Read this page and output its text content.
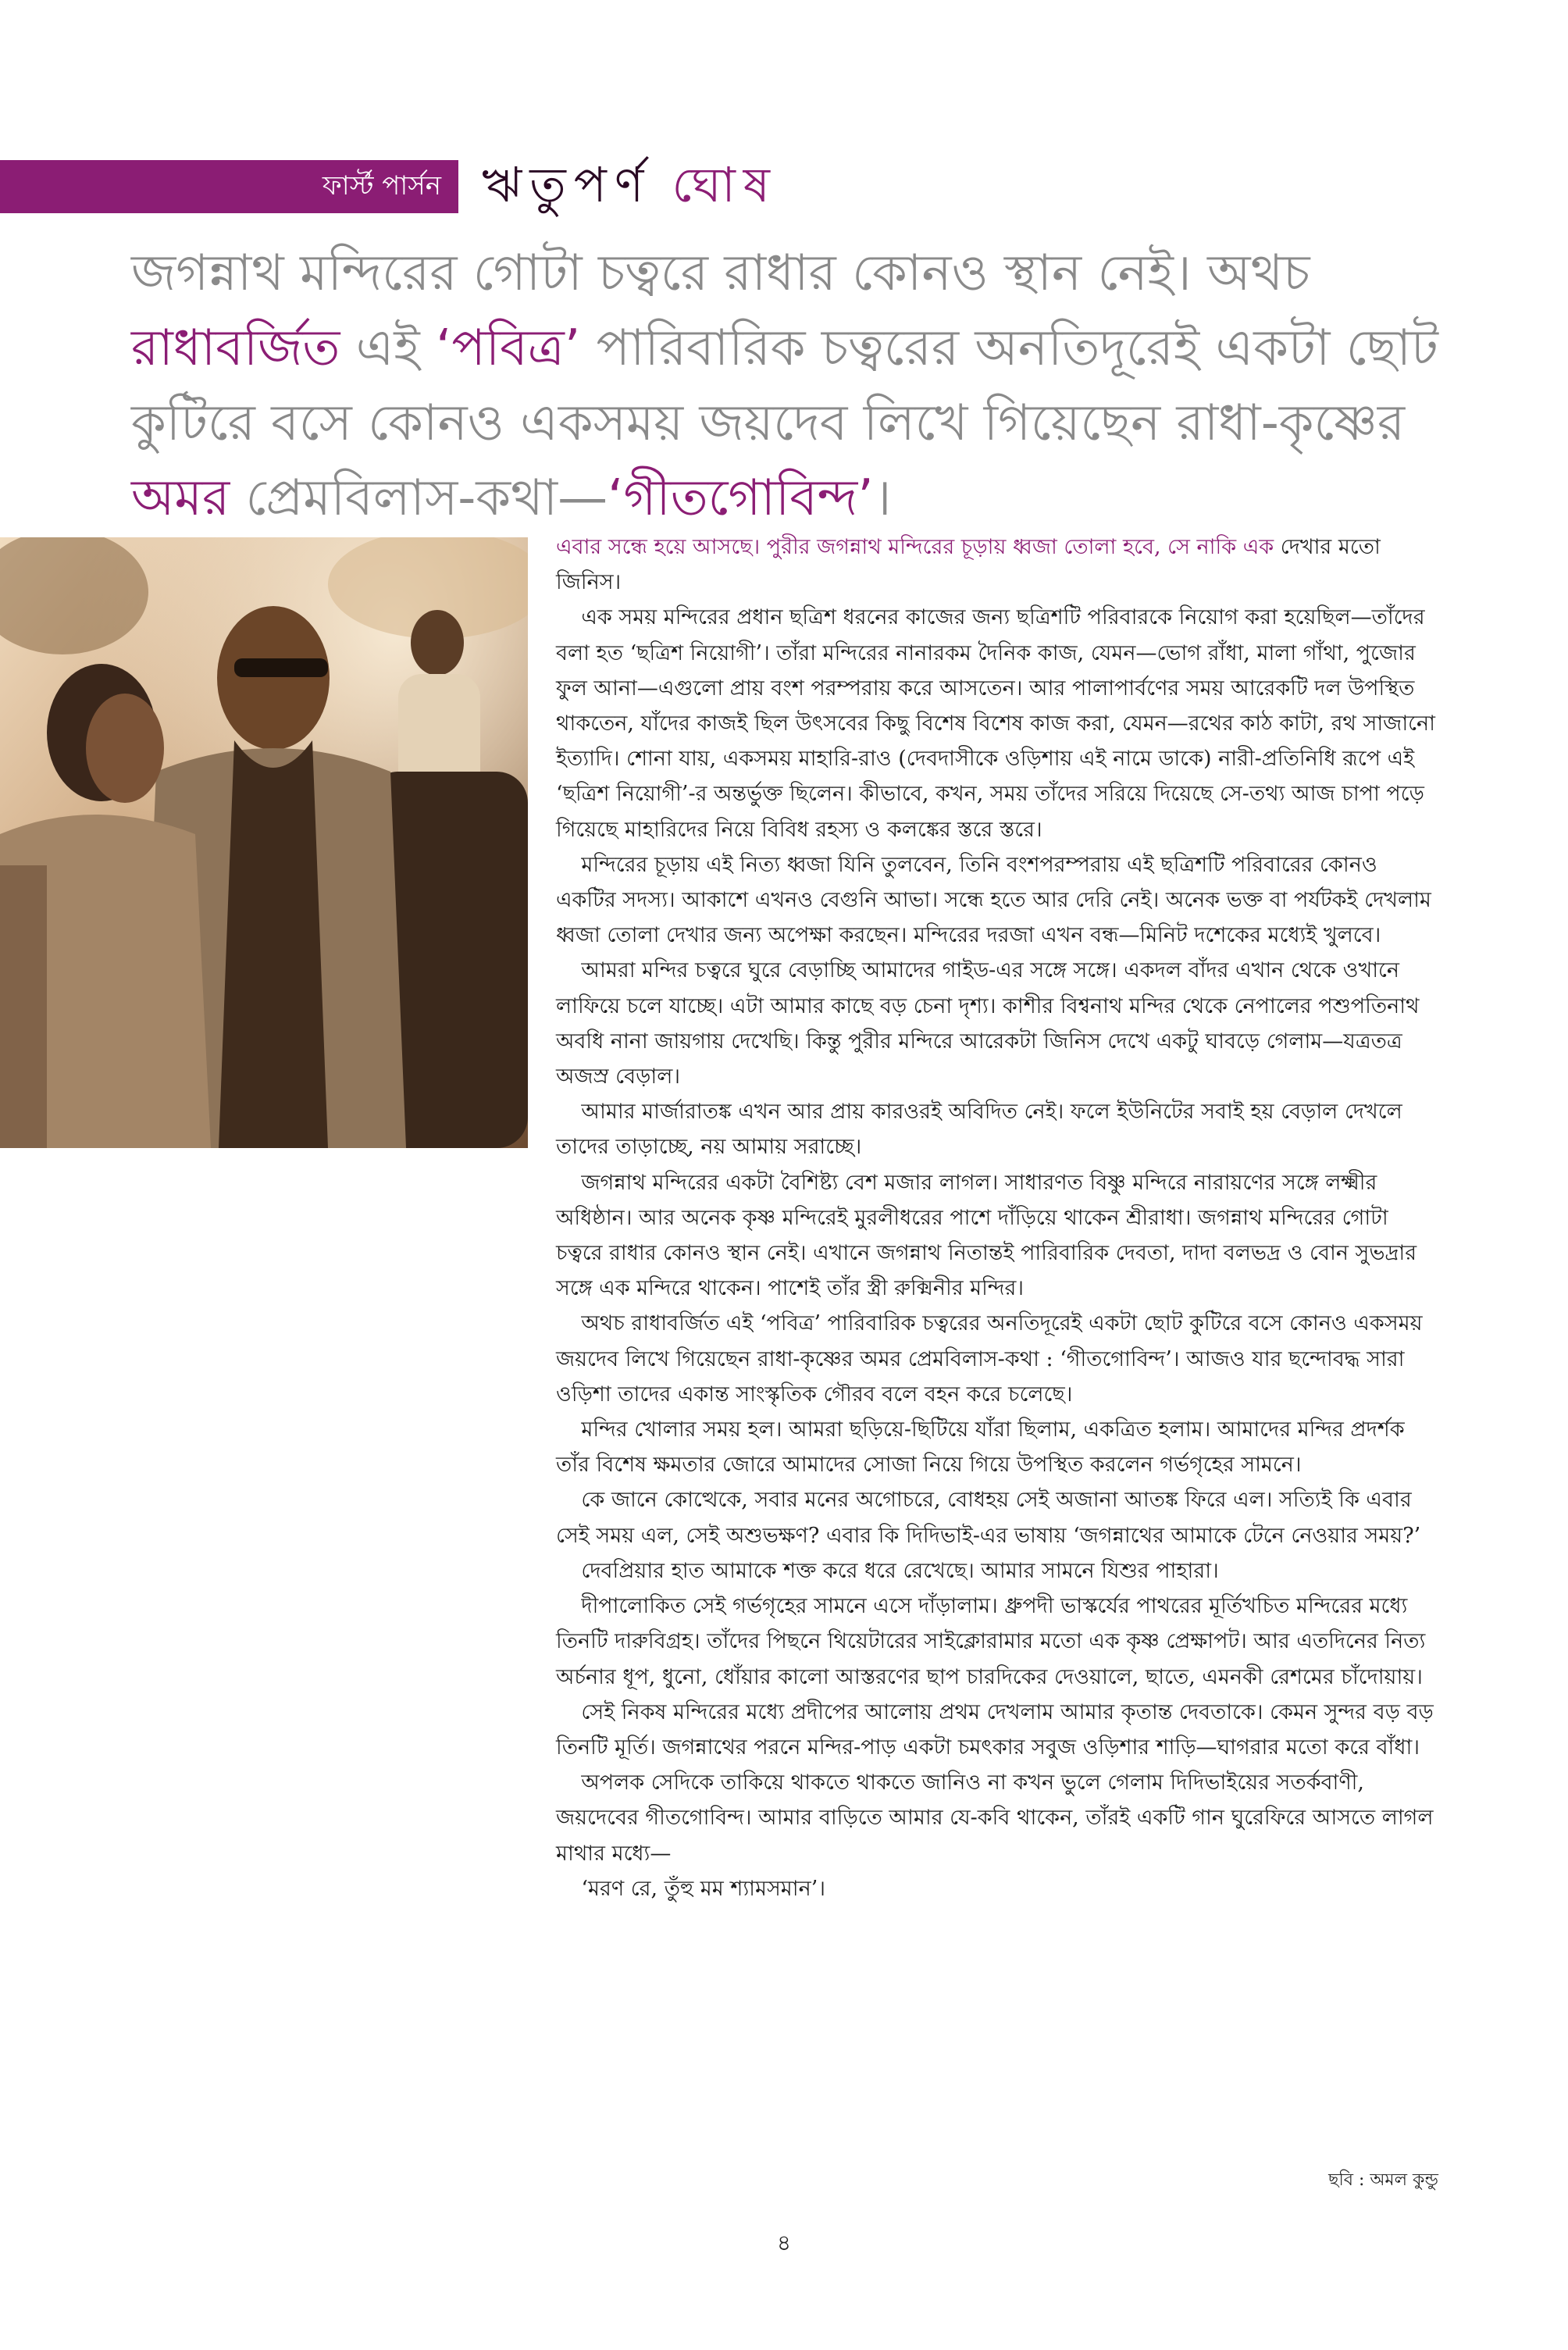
ফার্স্ট পার্সন ঋতুপর্ণ ঘোষ
জগন্নাথ মন্দিরের গোটা চত্বরে রাধার কোনও স্থান নেই। অথচ রাধাবর্জিত এই ‘পবিত্র’ পারিবারিক চত্বরের অনতিদূরেই একটা ছোট কুটিরে বসে কোনও একসময় জয়দেব লিখে গিয়েছেন রাধা-কৃষ্ণের অমর প্রেমবিলাস-কথা—‘গীতগোবিন্দ’।

এবার সন্ধে হয়ে আসছে। পুরীর জগন্নাথ মন্দিরের চূড়ায় ধ্বজা তোলা হবে, সে নাকি এক দেখার মতো জিনিস।

এক সময় মন্দিরের প্রধান ছত্রিশ ধরনের কাজের জন্য ছত্রিশটি পরিবারকে নিয়োগ করা হয়েছিল—তাঁদের বলা হত ‘ছত্রিশ নিয়োগী’। তাঁরা মন্দিরের নানারকম দৈনিক কাজ, যেমন—ভোগ রাঁধা, মালা গাঁথা, পুজোর ফুল আনা—এগুলো প্রায় বংশ পরম্পরায় করে আসতেন। আর পালাপার্বণের সময় আরেকটি দল উপস্থিত থাকতেন, যাঁদের কাজই ছিল উৎসবের কিছু বিশেষ বিশেষ কাজ করা, যেমন—রথের কাঠ কাটা, রথ সাজানো ইত্যাদি। শোনা যায়, একসময় মাহারি-রাও (দেবদাসীকে ওড়িশায় এই নামে ডাকে) নারী-প্রতিনিধি রূপে এই ‘ছত্রিশ নিয়োগী’-র অন্তর্ভুক্ত ছিলেন। কীভাবে, কখন, সময় তাঁদের সরিয়ে দিয়েছে সে-তথ্য আজ চাপা পড়ে গিয়েছে মাহারিদের নিয়ে বিবিধ রহস্য ও কলঙ্কের স্তরে স্তরে।

মন্দিরের চূড়ায় এই নিত্য ধ্বজা যিনি তুলবেন, তিনি বংশপরম্পরায় এই ছত্রিশটি পরিবারের কোনও একটির সদস্য। আকাশে এখনও বেগুনি আভা। সন্ধে হতে আর দেরি নেই। অনেক ভক্ত বা পর্যটকই দেখলাম ধ্বজা তোলা দেখার জন্য অপেক্ষা করছেন। মন্দিরের দরজা এখন বন্ধ—মিনিট দশেকের মধ্যেই খুলবে।

আমরা মন্দির চত্বরে ঘুরে বেড়াচ্ছি আমাদের গাইড-এর সঙ্গে সঙ্গে। একদল বাঁদর এখান থেকে ওখানে লাফিয়ে চলে যাচ্ছে। এটা আমার কাছে বড় চেনা দৃশ্য। কাশীর বিশ্বনাথ মন্দির থেকে নেপালের পশুপতিনাথ অবধি নানা জায়গায় দেখেছি। কিন্তু পুরীর মন্দিরে আরেকটা জিনিস দেখে একটু ঘাবড়ে গেলাম—যত্রতত্র অজস্র বেড়াল।

আমার মার্জারাতঙ্ক এখন আর প্রায় কারওরই অবিদিত নেই। ফলে ইউনিটের সবাই হয় বেড়াল দেখলে তাদের তাড়াচ্ছে, নয় আমায় সরাচ্ছে।

জগন্নাথ মন্দিরের একটা বৈশিষ্ট্য বেশ মজার লাগল। সাধারণত বিষ্ণু মন্দিরে নারায়ণের সঙ্গে লক্ষ্মীর অধিষ্ঠান। আর অনেক কৃষ্ণ মন্দিরেই মুরলীধরের পাশে দাঁড়িয়ে থাকেন শ্রীরাধা। জগন্নাথ মন্দিরের গোটা চত্বরে রাধার কোনও স্থান নেই। এখানে জগন্নাথ নিতান্তই পারিবারিক দেবতা, দাদা বলভদ্র ও বোন সুভদ্রার সঙ্গে এক মন্দিরে থাকেন। পাশেই তাঁর স্ত্রী রুক্মিনীর মন্দির।

অথচ রাধাবর্জিত এই ‘পবিত্র’ পারিবারিক চত্বরের অনতিদূরেই একটা ছোট কুটিরে বসে কোনও একসময় জয়দেব লিখে গিয়েছেন রাধা-কৃষ্ণের অমর প্রেমবিলাস-কথা : ‘গীতগোবিন্দ’। আজও যার ছন্দোবদ্ধ সারা ওড়িশা তাদের একান্ত সাংস্কৃতিক গৌরব বলে বহন করে চলেছে।

মন্দির খোলার সময় হল। আমরা ছড়িয়ে-ছিটিয়ে যাঁরা ছিলাম, একত্রিত হলাম। আমাদের মন্দির প্রদর্শক তাঁর বিশেষ ক্ষমতার জোরে আমাদের সোজা নিয়ে গিয়ে উপস্থিত করলেন গর্ভগৃহের সামনে।

কে জানে কোত্থেকে, সবার মনের অগোচরে, বোধহয় সেই অজানা আতঙ্ক ফিরে এল। সত্যিই কি এবার সেই সময় এল, সেই অশুভক্ষণ? এবার কি দিদিভাই-এর ভাষায় ‘জগন্নাথের আমাকে টেনে নেওয়ার সময়?’

দেবপ্রিয়ার হাত আমাকে শক্ত করে ধরে রেখেছে। আমার সামনে যিশুর পাহারা।

দীপালোকিত সেই গর্ভগৃহের সামনে এসে দাঁড়ালাম। ধ্রুপদী ভাস্কর্যের পাথরের মূর্তিখচিত মন্দিরের মধ্যে তিনটি দারুবিগ্রহ। তাঁদের পিছনে থিয়েটারের সাইক্লোরামার মতো এক কৃষ্ণ প্রেক্ষাপট। আর এতদিনের নিত্য অর্চনার ধূপ, ধুনো, ধোঁয়ার কালো আস্তরণের ছাপ চারদিকের দেওয়ালে, ছাতে, এমনকী রেশমের চাঁদোয়ায়।

সেই নিকষ মন্দিরের মধ্যে প্রদীপের আলোয় প্রথম দেখলাম আমার কৃতান্ত দেবতাকে। কেমন সুন্দর বড় বড় তিনটি মূর্তি। জগন্নাথের পরনে মন্দির-পাড় একটা চমৎকার সবুজ ওড়িশার শাড়ি—ঘাগরার মতো করে বাঁধা।

অপলক সেদিকে তাকিয়ে থাকতে থাকতে জানিও না কখন ভুলে গেলাম দিদিভাইয়ের সতর্কবাণী, জয়দেবের গীতগোবিন্দ। আমার বাড়িতে আমার যে-কবি থাকেন, তাঁরই একটি গান ঘুরেফিরে আসতে লাগল মাথার মধ্যে—

‘মরণ রে, তুঁহু মম শ্যামসমান’।

ছবি : অমল কুন্ডু
৪
